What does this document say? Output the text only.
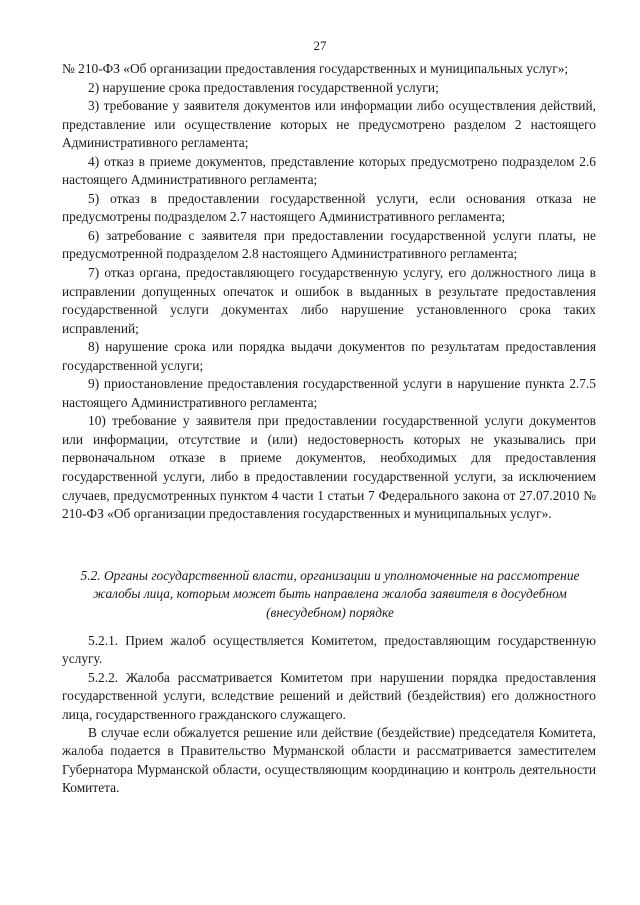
27

№ 210-ФЗ «Об организации предоставления государственных и муниципальных услуг»;

2) нарушение срока предоставления государственной услуги;

3) требование у заявителя документов или информации либо осуществления действий, представление или осуществление которых не предусмотрено разделом 2 настоящего Административного регламента;

4) отказ в приеме документов, представление которых предусмотрено подразделом 2.6 настоящего Административного регламента;

5) отказ в предоставлении государственной услуги, если основания отказа не предусмотрены подразделом 2.7 настоящего Административного регламента;

6) затребование с заявителя при предоставлении государственной услуги платы, не предусмотренной подразделом 2.8 настоящего Административного регламента;

7) отказ органа, предоставляющего государственную услугу, его должностного лица в исправлении допущенных опечаток и ошибок в выданных в результате предоставления государственной услуги документах либо нарушение установленного срока таких исправлений;

8) нарушение срока или порядка выдачи документов по результатам предоставления государственной услуги;

9) приостановление предоставления государственной услуги в нарушение пункта 2.7.5 настоящего Административного регламента;

10) требование у заявителя при предоставлении государственной услуги документов или информации, отсутствие и (или) недостоверность которых не указывались при первоначальном отказе в приеме документов, необходимых для предоставления государственной услуги, либо в предоставлении государственной услуги, за исключением случаев, предусмотренных пунктом 4 части 1 статьи 7 Федерального закона от 27.07.2010 № 210-ФЗ «Об организации предоставления государственных и муниципальных услуг».

5.2. Органы государственной власти, организации и уполномоченные на рассмотрение жалобы лица, которым может быть направлена жалоба заявителя в досудебном (внесудебном) порядке

5.2.1. Прием жалоб осуществляется Комитетом, предоставляющим государственную услугу.

5.2.2. Жалоба рассматривается Комитетом при нарушении порядка предоставления государственной услуги, вследствие решений и действий (бездействия) его должностного лица, государственного гражданского служащего.

В случае если обжалуется решение или действие (бездействие) председателя Комитета, жалоба подается в Правительство Мурманской области и рассматривается заместителем Губернатора Мурманской области, осуществляющим координацию и контроль деятельности Комитета.
